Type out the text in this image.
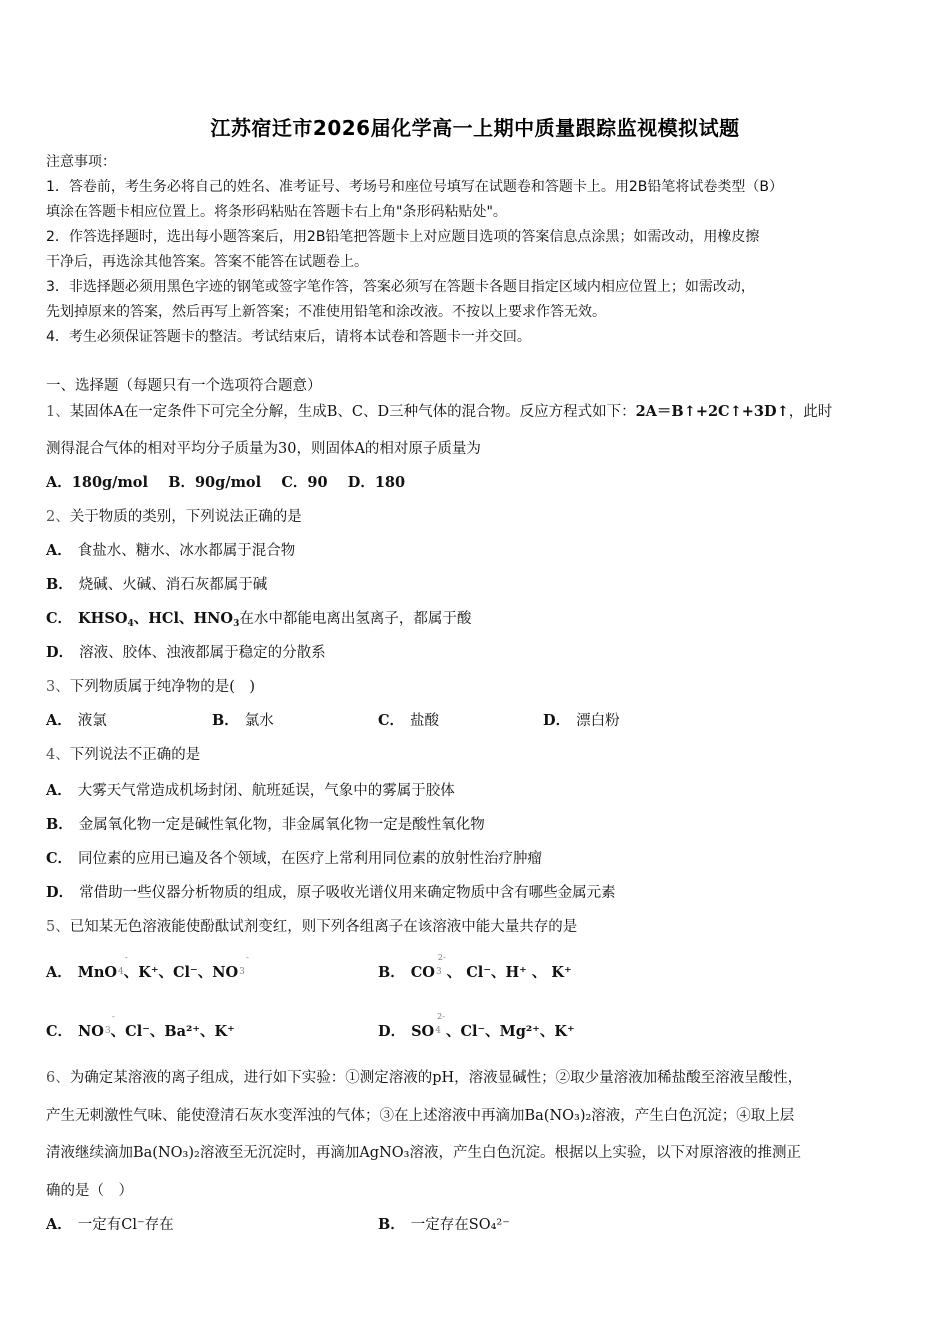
江苏宿迁市2026届化学高一上期中质量跟踪监视模拟试题
注意事项：
1．答卷前，考生务必将自己的姓名、准考证号、考场号和座位号填写在试题卷和答题卡上。用2B铅笔将试卷类型（B）
填涂在答题卡相应位置上。将条形码粘贴在答题卡右上角"条形码粘贴处"。
2．作答选择题时，选出每小题答案后，用2B铅笔把答题卡上对应题目选项的答案信息点涂黑；如需改动，用橡皮擦
干净后，再选涂其他答案。答案不能答在试题卷上。
3．非选择题必须用黑色字迹的钢笔或签字笔作答，答案必须写在答题卡各题目指定区域内相应位置上；如需改动，
先划掉原来的答案，然后再写上新答案；不准使用铅笔和涂改液。不按以上要求作答无效。
4．考生必须保证答题卡的整洁。考试结束后，请将本试卷和答题卡一并交回。
一、选择题（每题只有一个选项符合题意）
1、某固体A在一定条件下可完全分解，生成B、C、D三种气体的混合物。反应方程式如下：2A＝B↑+2C↑+3D↑，此时
测得混合气体的相对平均分子质量为30，则固体A的相对原子质量为
A．180g/mol B．90g/mol C．90 D．180
2、关于物质的类别，下列说法正确的是
A． 食盐水、糖水、冰水都属于混合物
B． 烧碱、火碱、消石灰都属于碱
C． $KHSO_4$、HCl、$HNO_3$在水中都能电离出氢离子，都属于酸
D． 溶液、胶体、浊液都属于稳定的分散系
3、下列物质属于纯净物的是(　)
A． 液氯	B． 氯水	C． 盐酸	D． 漂白粉
4、下列说法不正确的是
A． 大雾天气常造成机场封闭、航班延误，气象中的雾属于胶体
B． 金属氧化物一定是碱性氧化物，非金属氧化物一定是酸性氧化物
C． 同位素的应用已遍及各个领域，在医疗上常利用同位素的放射性治疗肿瘤
D． 常借助一些仪器分析物质的组成，原子吸收光谱仪用来确定物质中含有哪些金属元素
5、已知某无色溶液能使酚酞试剂变红，则下列各组离子在该溶液中能大量共存的是
A． MnO$^4$
-
、K⁺、Cl⁻、$NO^3$
-
B． $CO^3$
2-
、 Cl⁻、H⁺ 、 K⁺
C． $NO^3$
-
、Cl⁻、Ba²⁺、K⁺	D． $SO^4$
2-
、Cl⁻、Mg²⁺、K⁺
6、为确定某溶液的离子组成，进行如下实验：①测定溶液的pH，溶液显碱性；②取少量溶液加稀盐酸至溶液呈酸性，
产生无刺激性气味、能使澄清石灰水变浑浊的气体；③在上述溶液中再滴加Ba(NO₃)₂溶液，产生白色沉淀；④取上层
清液继续滴加Ba(NO₃)₂溶液至无沉淀时，再滴加AgNO₃溶液，产生白色沉淀。根据以上实验，以下对原溶液的推测正
确的是（　）
A． 一定有Cl⁻存在	B． 一定存在SO₄²⁻
